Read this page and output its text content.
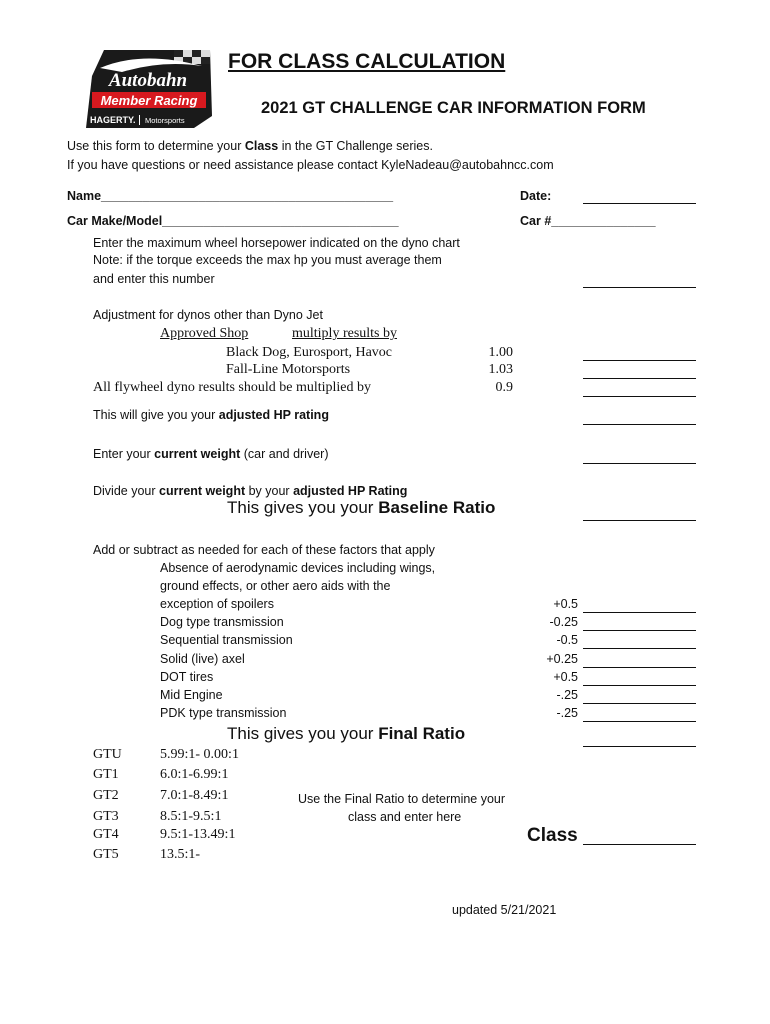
Autobahn
Member Racing
HAGERTY. Motorsports
FOR CLASS CALCULATION
2021 GT CHALLENGE CAR INFORMATION FORM
Use this form to determine your Class in the GT Challenge series.
If you have questions or need assistance please contact KyleNadeau@autobahncc.com
Name__________________________________________	Date:
Car Make/Model__________________________________	Car #_______________
Enter the maximum wheel horsepower indicated on the dyno chart
Note: if the torque exceeds the max hp you must average them
and enter this number
Adjustment for dynos other than Dyno Jet
Approved Shop	multiply results by
Black Dog, Eurosport, Havoc	1.00
Fall-Line Motorsports	1.03
All flywheel dyno results should be multiplied by	0.9
This will give you your adjusted HP rating
Enter your current weight (car and driver)
Divide your current weight by your adjusted HP Rating
This gives you your Baseline Ratio
Add or subtract as needed for each of these factors that apply
Absence of aerodynamic devices including wings,
ground effects, or other aero aids with the
exception of spoilers	+0.5
Dog type transmission	-0.25
Sequential transmission	-0.5
Solid (live) axel	+0.25
DOT tires	+0.5
Mid Engine	-.25
PDK type transmission	-.25
This gives you your Final Ratio
GTU	5.99:1- 0.00:1
GT1	6.0:1-6.99:1
GT2	7.0:1-8.49:1
GT3	8.5:1-9.5:1
GT4	9.5:1-13.49:1
GT5	13.5:1-
Use the Final Ratio to determine your
class and enter here
Class
updated 5/21/2021
